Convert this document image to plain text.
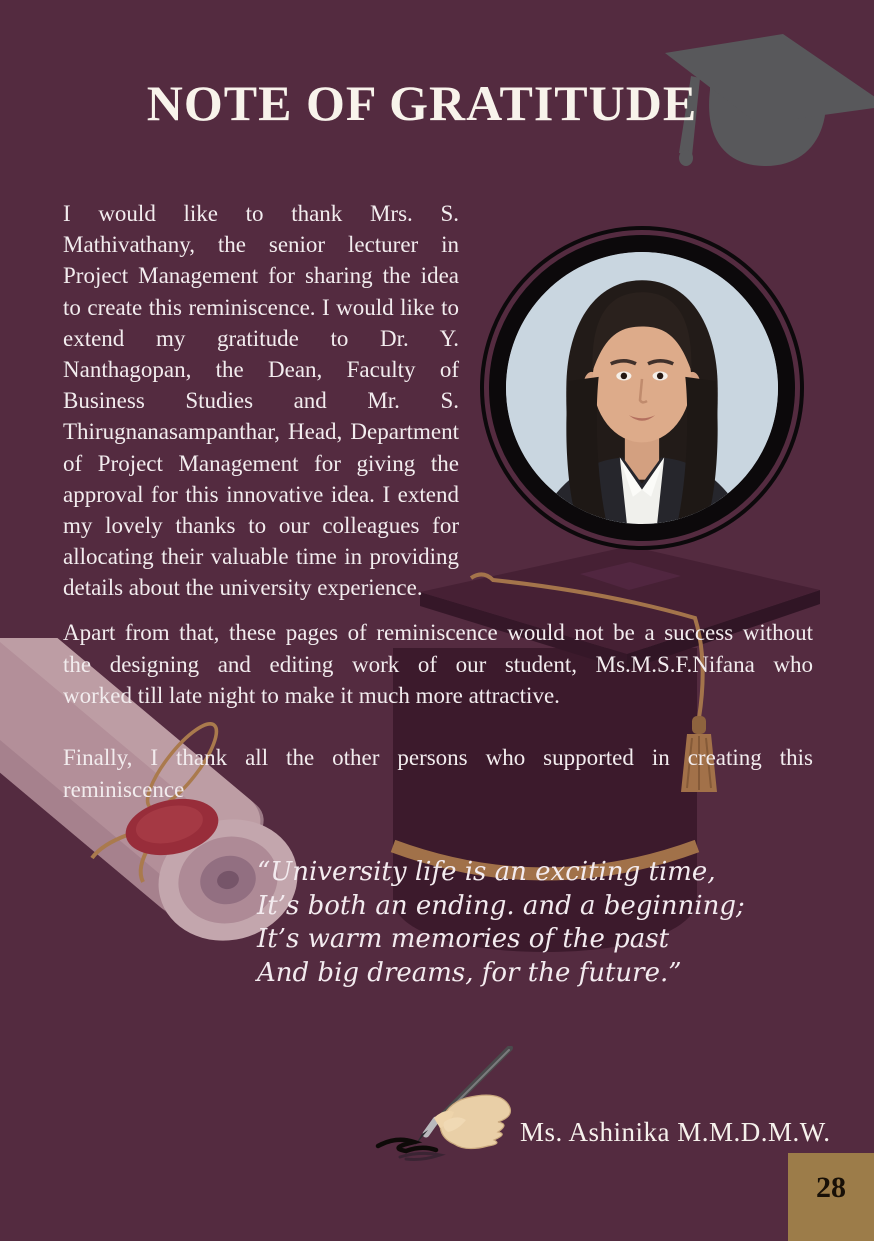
NOTE OF GRATITUDE
I would like to thank Mrs. S.
Mathivathany, the senior lecturer in
Project Management for sharing the idea
to create this reminiscence. I would like to
extend my gratitude to Dr. Y.
Nanthagopan, the Dean, Faculty of
Business Studies and Mr. S.
Thirugnanasampanthar, Head, Department
of Project Management for giving the
approval for this innovative idea. I extend
my lovely thanks to our colleagues for
allocating their valuable time in providing
details about the university experience.
Apart from that, these pages of reminiscence would not be a success without
the designing and editing work of our student, Ms.M.S.F.Nifana who
worked till late night to make it much more attractive.
Finally, I thank all the other persons who supported in creating this
reminiscence
“University life is an exciting time,
It’s both an ending. and a beginning;
It’s warm memories of the past
And big dreams, for the future.”
Ms. Ashinika M.M.D.M.W.
28
